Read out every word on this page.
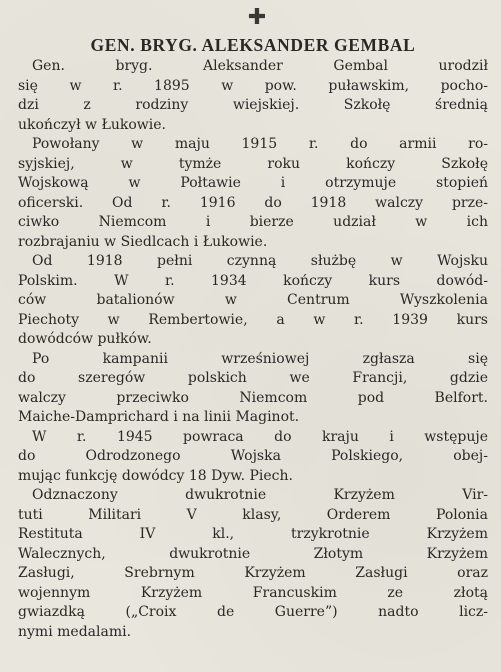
✚
GEN. BRYG. ALEKSANDER GEMBAL

Gen. bryg. Aleksander Gembal urodził
się w r. 1895 w pow. puławskim, pocho-
dzi z rodziny wiejskiej. Szkołę średnią
ukończył w Łukowie.

Powołany w maju 1915 r. do armii ro-
syjskiej, w tymże roku kończy Szkołę
Wojskową w Połtawie i otrzymuje stopień
oficerski. Od r. 1916 do 1918 walczy prze-
ciwko Niemcom i bierze udział w ich
rozbrajaniu w Siedlcach i Łukowie.

Od 1918 pełni czynną służbę w Wojsku
Polskim. W r. 1934 kończy kurs dowód-
ców batalionów w Centrum Wyszkolenia
Piechoty w Rembertowie, a w r. 1939 kurs
dowódców pułków.

Po kampanii wrześniowej zgłasza się
do szeregów polskich we Francji, gdzie
walczy przeciwko Niemcom pod Belfort.
Maiche-Damprichard i na linii Maginot.

W r. 1945 powraca do kraju i wstępuje
do Odrodzonego Wojska Polskiego, obej-
mując funkcję dowódcy 18 Dyw. Piech.

Odznaczony dwukrotnie Krzyżem Vir-
tuti Militari V klasy, Orderem Polonia
Restituta IV kl., trzykrotnie Krzyżem
Walecznych, dwukrotnie Złotym Krzyżem
Zasługi, Srebrnym Krzyżem Zasługi oraz
wojennym Krzyżem Francuskim ze złotą
gwiazdką („Croix de Guerre”) nadto licz-
nymi medalami.
